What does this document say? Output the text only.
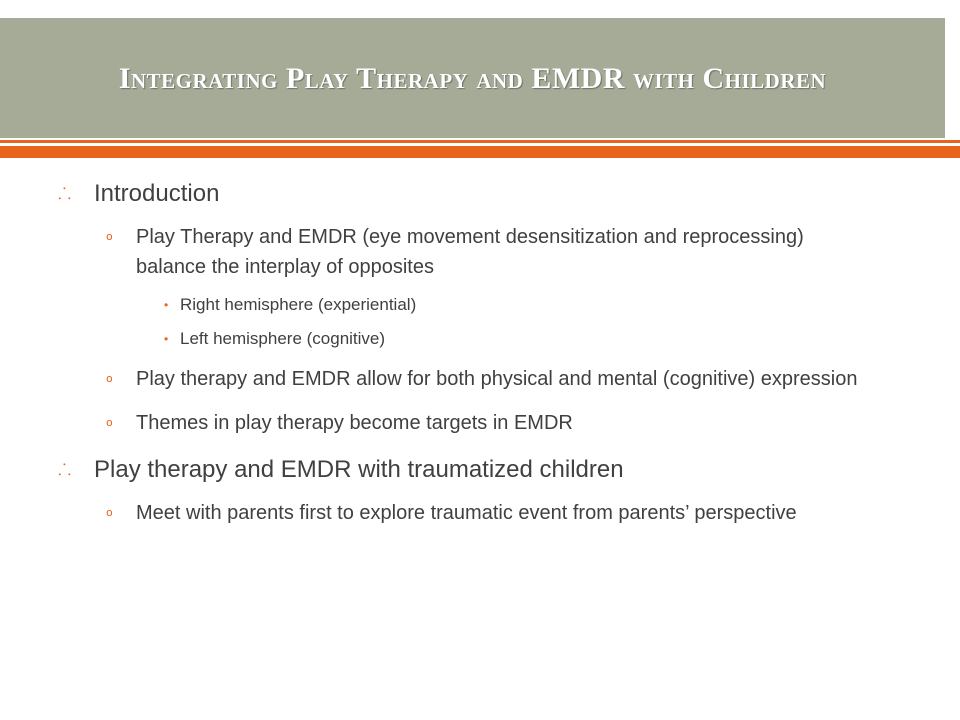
Integrating Play Therapy and EMDR with Children
⸫ Introduction
o	Play Therapy and EMDR (eye movement desensitization and reprocessing) balance the interplay of opposites
• Right hemisphere (experiential)
• Left hemisphere (cognitive)
o	Play therapy and EMDR allow for both physical and mental (cognitive) expression
o	Themes in play therapy become targets in EMDR
⸫ Play therapy and EMDR with traumatized children
o	Meet with parents first to explore traumatic event from parents’ perspective
